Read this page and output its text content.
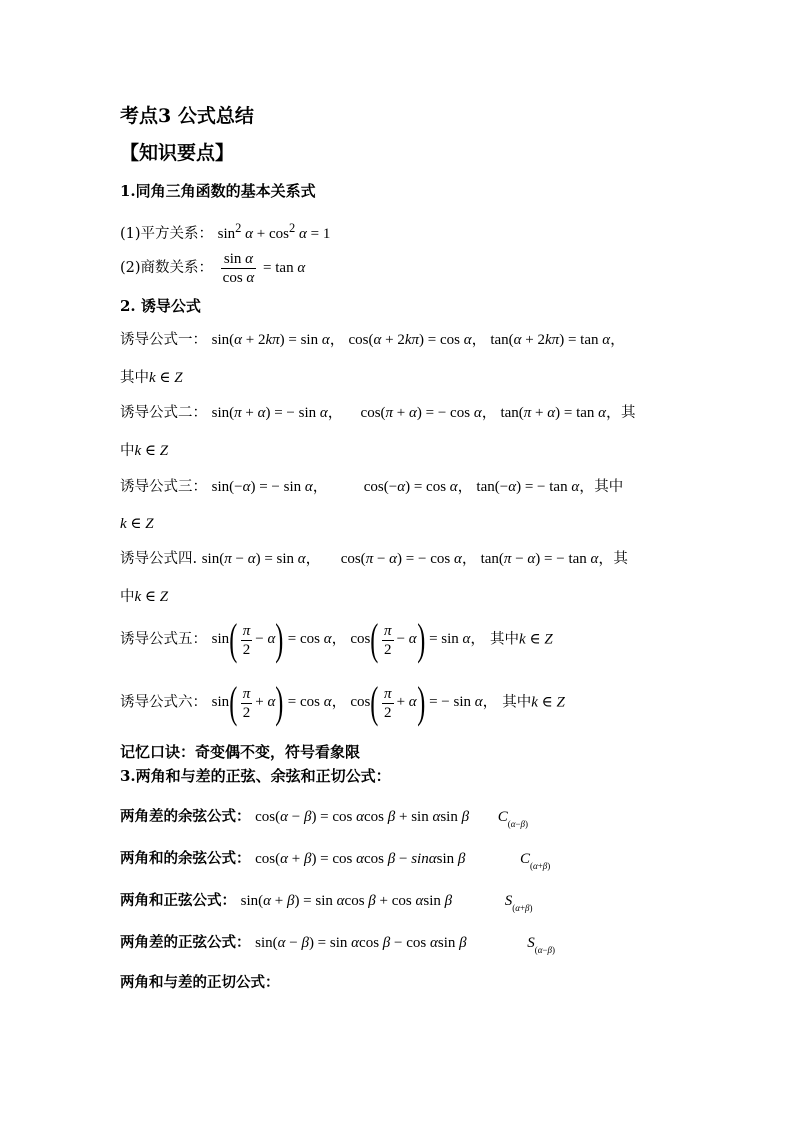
考点3 公式总结
【知识要点】
1.同角三角函数的基本关系式
(1)平方关系： $\sin^2 \alpha + \cos^2 \alpha = 1$
(2)商数关系： $\frac{\text{sin α}}{\text{cos α}} = \tan \alpha$
2. 诱导公式
诱导公式一： sin(α + 2kπ) = sin α， cos(α + 2kπ) = cos α， tan(α + 2kπ) = tan α，
其中k ∈ Z
诱导公式二： sin(π + α) = − sin α， cos(π + α) = − cos α， tan(π + α) = tan α，其
中k ∈ Z
诱导公式三： sin(−α) = − sin α， cos(−α) = cos α， tan(−α) = − tan α，其中
k ∈ Z
诱导公式四. sin(π − α) = sin α， cos(π − α) = − cos α， tan(π − α) = − tan α，其
中k ∈ Z
诱导公式五： $\sin( \frac{\pi}{2} - \alpha) = \cos \alpha$， $\cos( \frac{\pi}{2} - \alpha) = \sin \alpha$， 其中k ∈ Z
诱导公式六： $\sin( \frac{\pi}{2} + \alpha) = \cos \alpha$， $\cos( \frac{\pi}{2} + \alpha)$ = − sin α， 其中k ∈ Z
记忆口诀：奇变偶不变，符号看象限
3.两角和与差的正弦、余弦和正切公式：
两角差的余弦公式： cos(α − β) = cos αcos β + sin αsin β $C_{(\alpha-\beta)}$
两角和的余弦公式： cos(α + β) = cos αcos β − sinαsin β	$C_{(\alpha+\beta)}$
两角和正弦公式： sin(α + β) = sin αcos β + cos αsin β	$S_{(\alpha+\beta)}$
两角差的正弦公式： sin(α − β) = sin αcos β − cos αsin β	$S_{(\alpha-\beta)}$
两角和与差的正切公式：
